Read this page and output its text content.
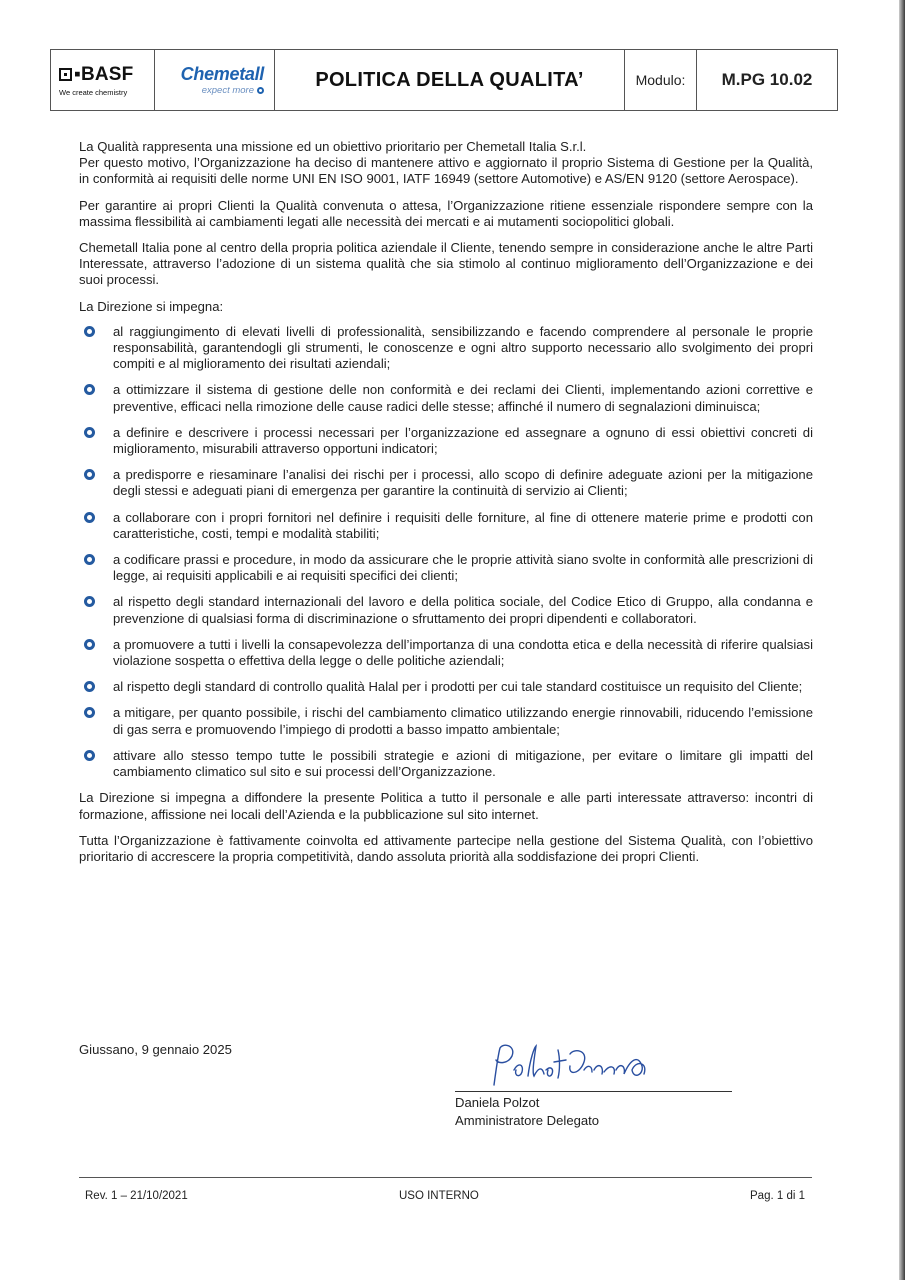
▪ BASF
We create chemistry
Chemetall
expect more	POLITICA DELLA QUALITA’	Modulo:	M.PG 10.02

La Qualità rappresenta una missione ed un obiettivo prioritario per Chemetall Italia S.r.l.
Per questo motivo, l’Organizzazione ha deciso di mantenere attivo e aggiornato il proprio Sistema di Gestione per la Qualità, in conformità ai requisiti delle norme UNI EN ISO 9001, IATF 16949 (settore Automotive) e AS/EN 9120 (settore Aerospace).

Per garantire ai propri Clienti la Qualità convenuta o attesa, l’Organizzazione ritiene essenziale rispondere sempre con la massima flessibilità ai cambiamenti legati alle necessità dei mercati e ai mutamenti sociopolitici globali.

Chemetall Italia pone al centro della propria politica aziendale il Cliente, tenendo sempre in considerazione anche le altre Parti Interessate, attraverso l’adozione di un sistema qualità che sia stimolo al continuo miglioramento dell’Organizzazione e dei suoi processi.

La Direzione si impegna:

al raggiungimento di elevati livelli di professionalità, sensibilizzando e facendo comprendere al personale le proprie responsabilità, garantendogli gli strumenti, le conoscenze e ogni altro supporto necessario allo svolgimento dei propri compiti e al miglioramento dei risultati aziendali;
a ottimizzare il sistema di gestione delle non conformità e dei reclami dei Clienti, implementando azioni correttive e preventive, efficaci nella rimozione delle cause radici delle stesse; affinché il numero di segnalazioni diminuisca;
a definire e descrivere i processi necessari per l’organizzazione ed assegnare a ognuno di essi obiettivi concreti di miglioramento, misurabili attraverso opportuni indicatori;
a predisporre e riesaminare l’analisi dei rischi per i processi, allo scopo di definire adeguate azioni per la mitigazione degli stessi e adeguati piani di emergenza per garantire la continuità di servizio ai Clienti;
a collaborare con i propri fornitori nel definire i requisiti delle forniture, al fine di ottenere materie prime e prodotti con caratteristiche, costi, tempi e modalità stabiliti;
a codificare prassi e procedure, in modo da assicurare che le proprie attività siano svolte in conformità alle prescrizioni di legge, ai requisiti applicabili e ai requisiti specifici dei clienti;
al rispetto degli standard internazionali del lavoro e della politica sociale, del Codice Etico di Gruppo, alla condanna e prevenzione di qualsiasi forma di discriminazione o sfruttamento dei propri dipendenti e collaboratori.
a promuovere a tutti i livelli la consapevolezza dell’importanza di una condotta etica e della necessità di riferire qualsiasi violazione sospetta o effettiva della legge o delle politiche aziendali;
al rispetto degli standard di controllo qualità Halal per i prodotti per cui tale standard costituisce un requisito del Cliente;
a mitigare, per quanto possibile, i rischi del cambiamento climatico utilizzando energie rinnovabili, riducendo l’emissione di gas serra e promuovendo l’impiego di prodotti a basso impatto ambientale;
attivare allo stesso tempo tutte le possibili strategie e azioni di mitigazione, per evitare o limitare gli impatti del cambiamento climatico sul sito e sui processi dell’Organizzazione.

La Direzione si impegna a diffondere la presente Politica a tutto il personale e alle parti interessate attraverso: incontri di formazione, affissione nei locali dell’Azienda e la pubblicazione sul sito internet.

Tutta l’Organizzazione è fattivamente coinvolta ed attivamente partecipe nella gestione del Sistema Qualità, con l’obiettivo prioritario di accrescere la propria competitività, dando assoluta priorità alla soddisfazione dei propri Clienti.

Giussano, 9 gennaio 2025
Daniela Polzot
Amministratore Delegato
Rev. 1 – 21/10/2021	USO INTERNO	Pag. 1 di 1
